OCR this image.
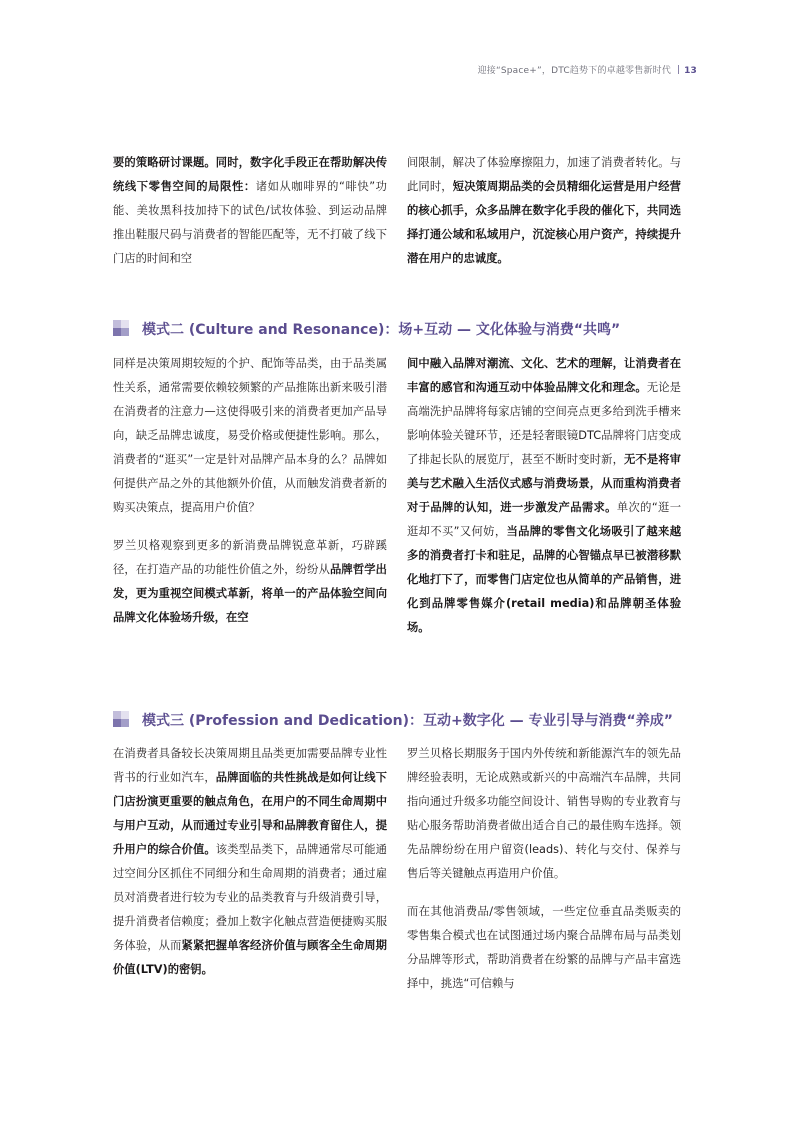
迎接“Space+”，DTC趋势下的卓越零售新时代 13

要的策略研讨课题。同时，数字化手段正在帮助解决传统线下零售空间的局限性：诸如从咖啡界的“啡快”功能、美妆黑科技加持下的试色/试妆体验、到运动品牌推出鞋服尺码与消费者的智能匹配等，无不打破了线下门店的时间和空

间限制，解决了体验摩擦阻力，加速了消费者转化。与此同时，短决策周期品类的会员精细化运营是用户经营的核心抓手，众多品牌在数字化手段的催化下，共同选择打通公域和私域用户，沉淀核心用户资产，持续提升潜在用户的忠诚度。

模式二 (Culture and Resonance)：场+互动 — 文化体验与消费“共鸣”

同样是决策周期较短的个护、配饰等品类，由于品类属性关系，通常需要依赖较频繁的产品推陈出新来吸引潜在消费者的注意力—这使得吸引来的消费者更加产品导向，缺乏品牌忠诚度，易受价格或便捷性影响。那么，消费者的“逛买”一定是针对品牌产品本身的么？品牌如何提供产品之外的其他额外价值，从而触发消费者新的购买决策点，提高用户价值？

罗兰贝格观察到更多的新消费品牌锐意革新，巧辟蹊径，在打造产品的功能性价值之外，纷纷从品牌哲学出发，更为重视空间模式革新，将单一的产品体验空间向品牌文化体验场升级，在空

间中融入品牌对潮流、文化、艺术的理解，让消费者在丰富的感官和沟通互动中体验品牌文化和理念。无论是高端洗护品牌将每家店铺的空间亮点更多给到洗手槽来影响体验关键环节，还是轻奢眼镜DTC品牌将门店变成了排起长队的展览厅，甚至不断时变时新，无不是将审美与艺术融入生活仪式感与消费场景，从而重构消费者对于品牌的认知，进一步激发产品需求。单次的“逛一逛却不买”又何妨，当品牌的零售文化场吸引了越来越多的消费者打卡和驻足，品牌的心智锚点早已被潜移默化地打下了，而零售门店定位也从简单的产品销售，进化到品牌零售媒介(retail media)和品牌朝圣体验场。

模式三 (Profession and Dedication)：互动+数字化 — 专业引导与消费“养成”

在消费者具备较长决策周期且品类更加需要品牌专业性背书的行业如汽车，品牌面临的共性挑战是如何让线下门店扮演更重要的触点角色，在用户的不同生命周期中与用户互动，从而通过专业引导和品牌教育留住人，提升用户的综合价值。该类型品类下，品牌通常尽可能通过空间分区抓住不同细分和生命周期的消费者；通过雇员对消费者进行较为专业的品类教育与升级消费引导，提升消费者信赖度；叠加上数字化触点营造便捷购买服务体验，从而紧紧把握单客经济价值与顾客全生命周期价值(LTV)的密钥。

罗兰贝格长期服务于国内外传统和新能源汽车的领先品牌经验表明，无论成熟或新兴的中高端汽车品牌，共同指向通过升级多功能空间设计、销售导购的专业教育与贴心服务帮助消费者做出适合自己的最佳购车选择。领先品牌纷纷在用户留资(leads)、转化与交付、保养与售后等关键触点再造用户价值。

而在其他消费品/零售领域，一些定位垂直品类贩卖的零售集合模式也在试图通过场内聚合品牌布局与品类划分品牌等形式，帮助消费者在纷繁的品牌与产品丰富选择中，挑选“可信赖与
